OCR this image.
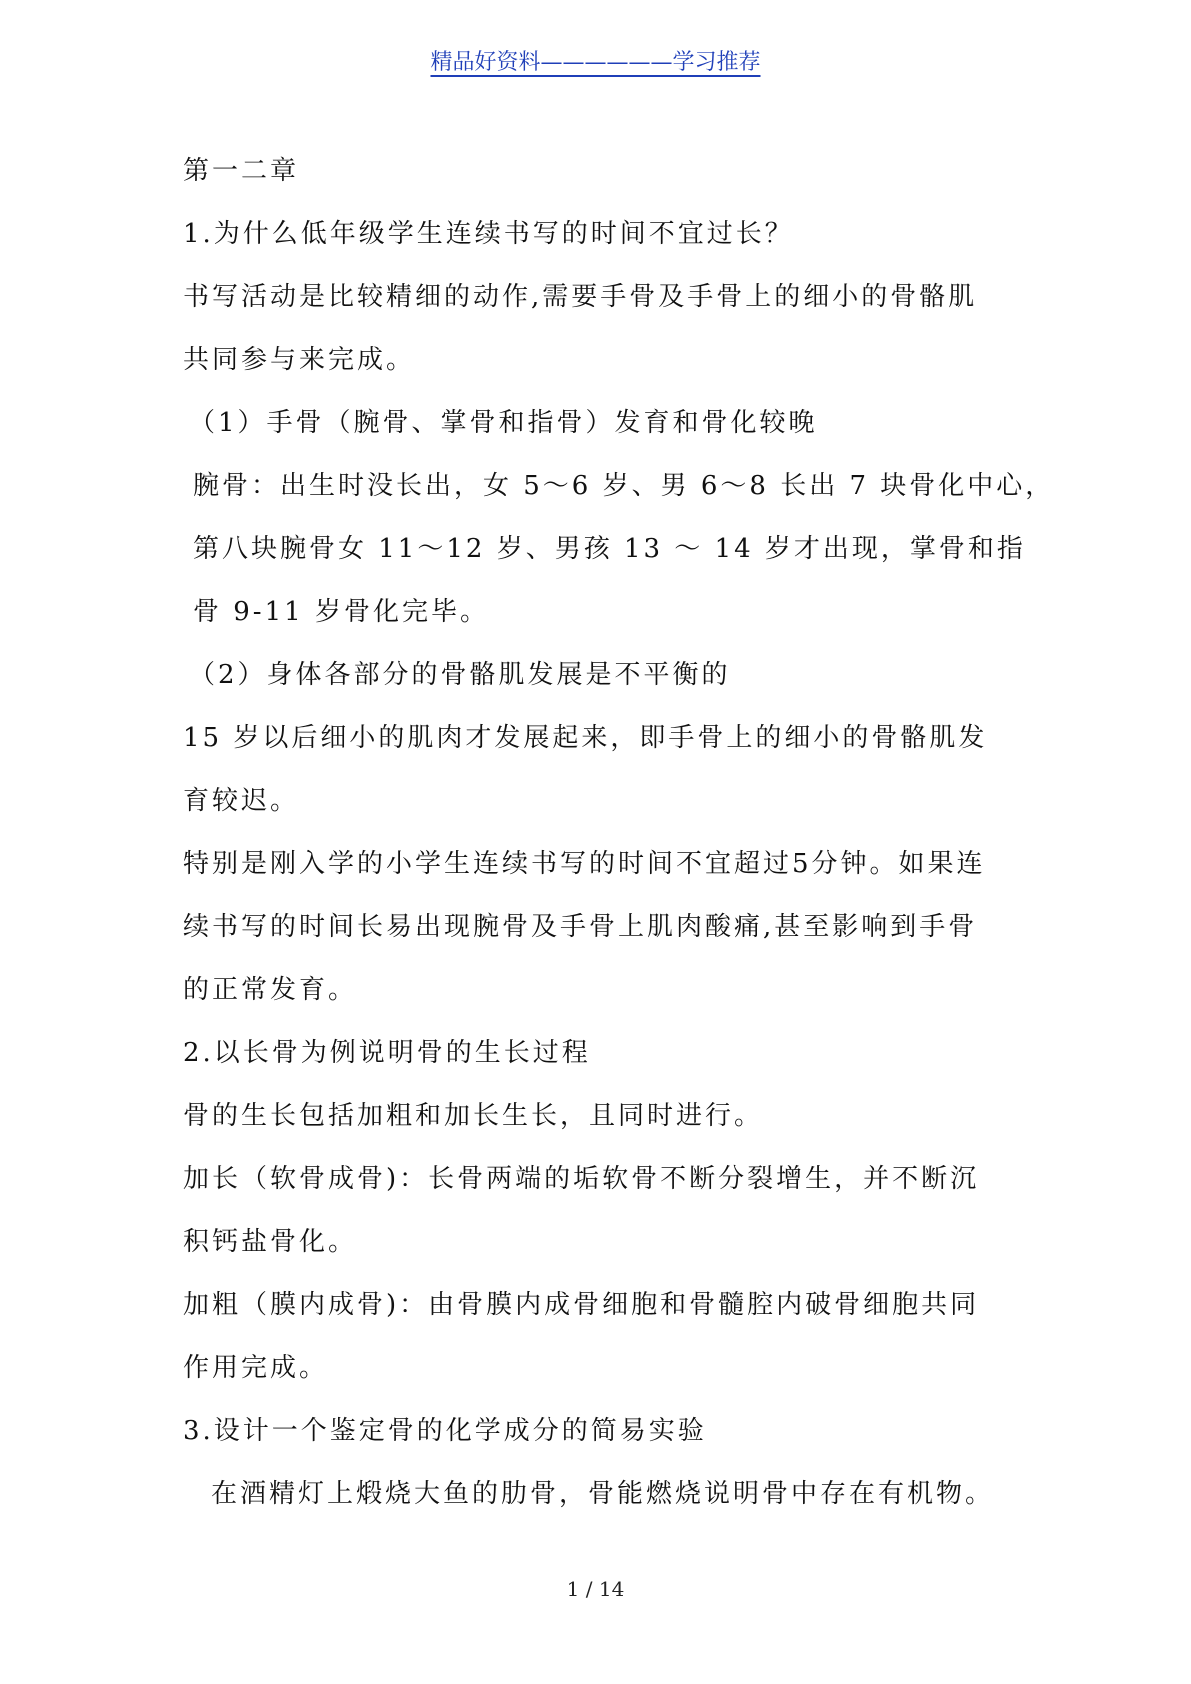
精品好资料——————学习推荐
第一二章
1.为什么低年级学生连续书写的时间不宜过长？
书写活动是比较精细的动作,需要手骨及手骨上的细小的骨骼肌
共同参与来完成。
（1）手骨（腕骨、掌骨和指骨）发育和骨化较晚
腕骨：出生时没长出，女 5～6 岁、男 6～8 长出 7 块骨化中心，
第八块腕骨女 11～12 岁、男孩 13 ～ 14 岁才出现，掌骨和指
骨 9-11 岁骨化完毕。
（2）身体各部分的骨骼肌发展是不平衡的
15 岁以后细小的肌肉才发展起来，即手骨上的细小的骨骼肌发
育较迟。
特别是刚入学的小学生连续书写的时间不宜超过5分钟。如果连
续书写的时间长易出现腕骨及手骨上肌肉酸痛,甚至影响到手骨
的正常发育。
2.以长骨为例说明骨的生长过程
骨的生长包括加粗和加长生长，且同时进行。
加长（软骨成骨)：长骨两端的垢软骨不断分裂增生，并不断沉
积钙盐骨化。
加粗（膜内成骨)：由骨膜内成骨细胞和骨髓腔内破骨细胞共同
作用完成。
3.设计一个鉴定骨的化学成分的简易实验
在酒精灯上煅烧大鱼的肋骨，骨能燃烧说明骨中存在有机物。
1 / 14
